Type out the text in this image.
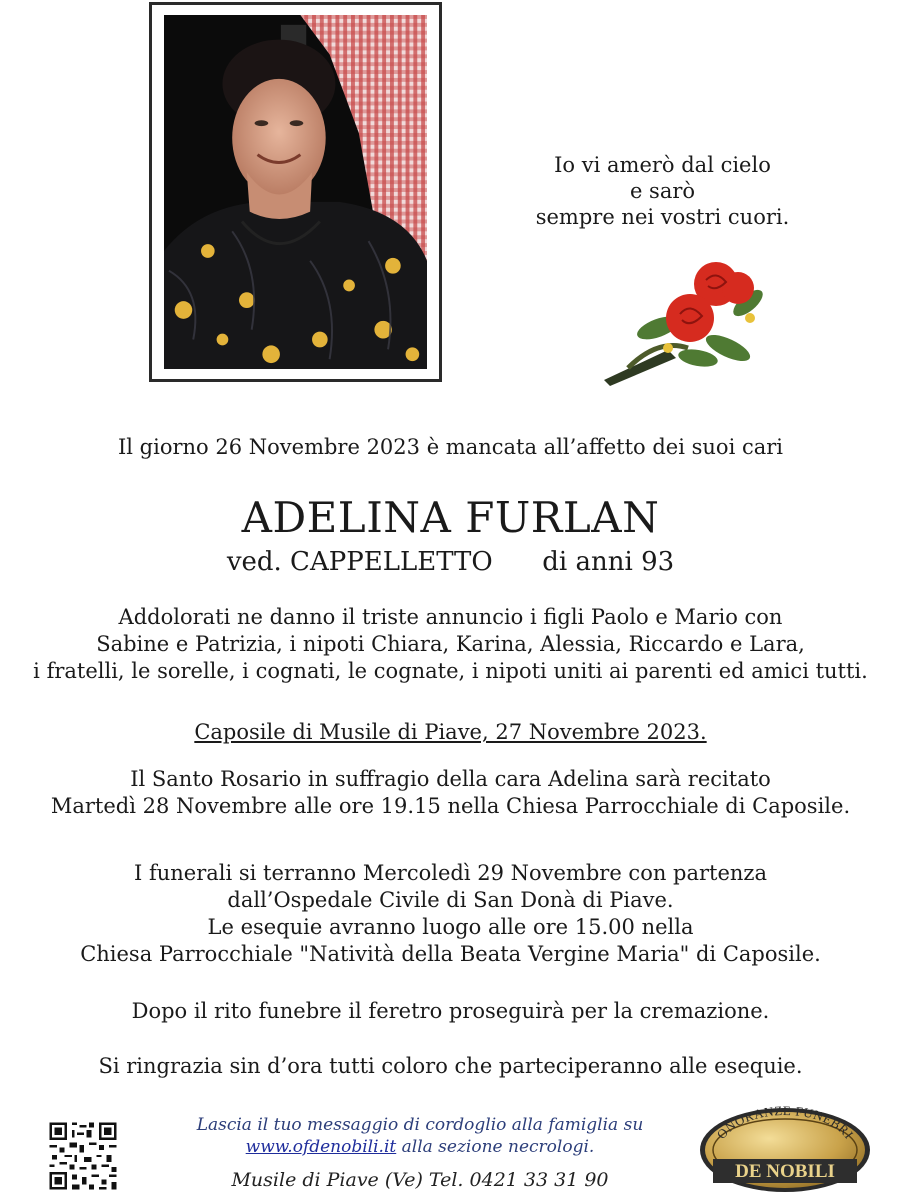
Io vi amerò dal cielo
e sarò
sempre nei vostri cuori.
Il giorno 26 Novembre 2023 è mancata all’affetto dei suoi cari
ADELINA FURLAN
ved. CAPPELLETTO      di anni 93
Addolorati ne danno il triste annuncio i figli Paolo e Mario con
Sabine e Patrizia, i nipoti Chiara, Karina, Alessia, Riccardo e Lara,
i fratelli, le sorelle, i cognati, le cognate, i nipoti uniti ai parenti ed amici tutti.
Caposile di Musile di Piave, 27 Novembre 2023.
Il Santo Rosario in suffragio della cara Adelina sarà recitato
Martedì 28 Novembre alle ore 19.15 nella Chiesa Parrocchiale di Caposile.
I funerali si terranno Mercoledì 29 Novembre con partenza
dall’Ospedale Civile di San Donà di Piave.
Le esequie avranno luogo alle ore 15.00 nella
Chiesa Parrocchiale "Natività della Beata Vergine Maria" di Caposile.
Dopo il rito funebre il feretro proseguirà per la cremazione.
Si ringrazia sin d’ora tutti coloro che parteciperanno alle esequie.
Lascia il tuo messaggio di cordoglio alla famiglia su
www.ofdenobili.it alla sezione necrologi.
Musile di Piave (Ve) Tel. 0421 33 31 90
ONORANZE FUNEBRI
DE NOBILI
